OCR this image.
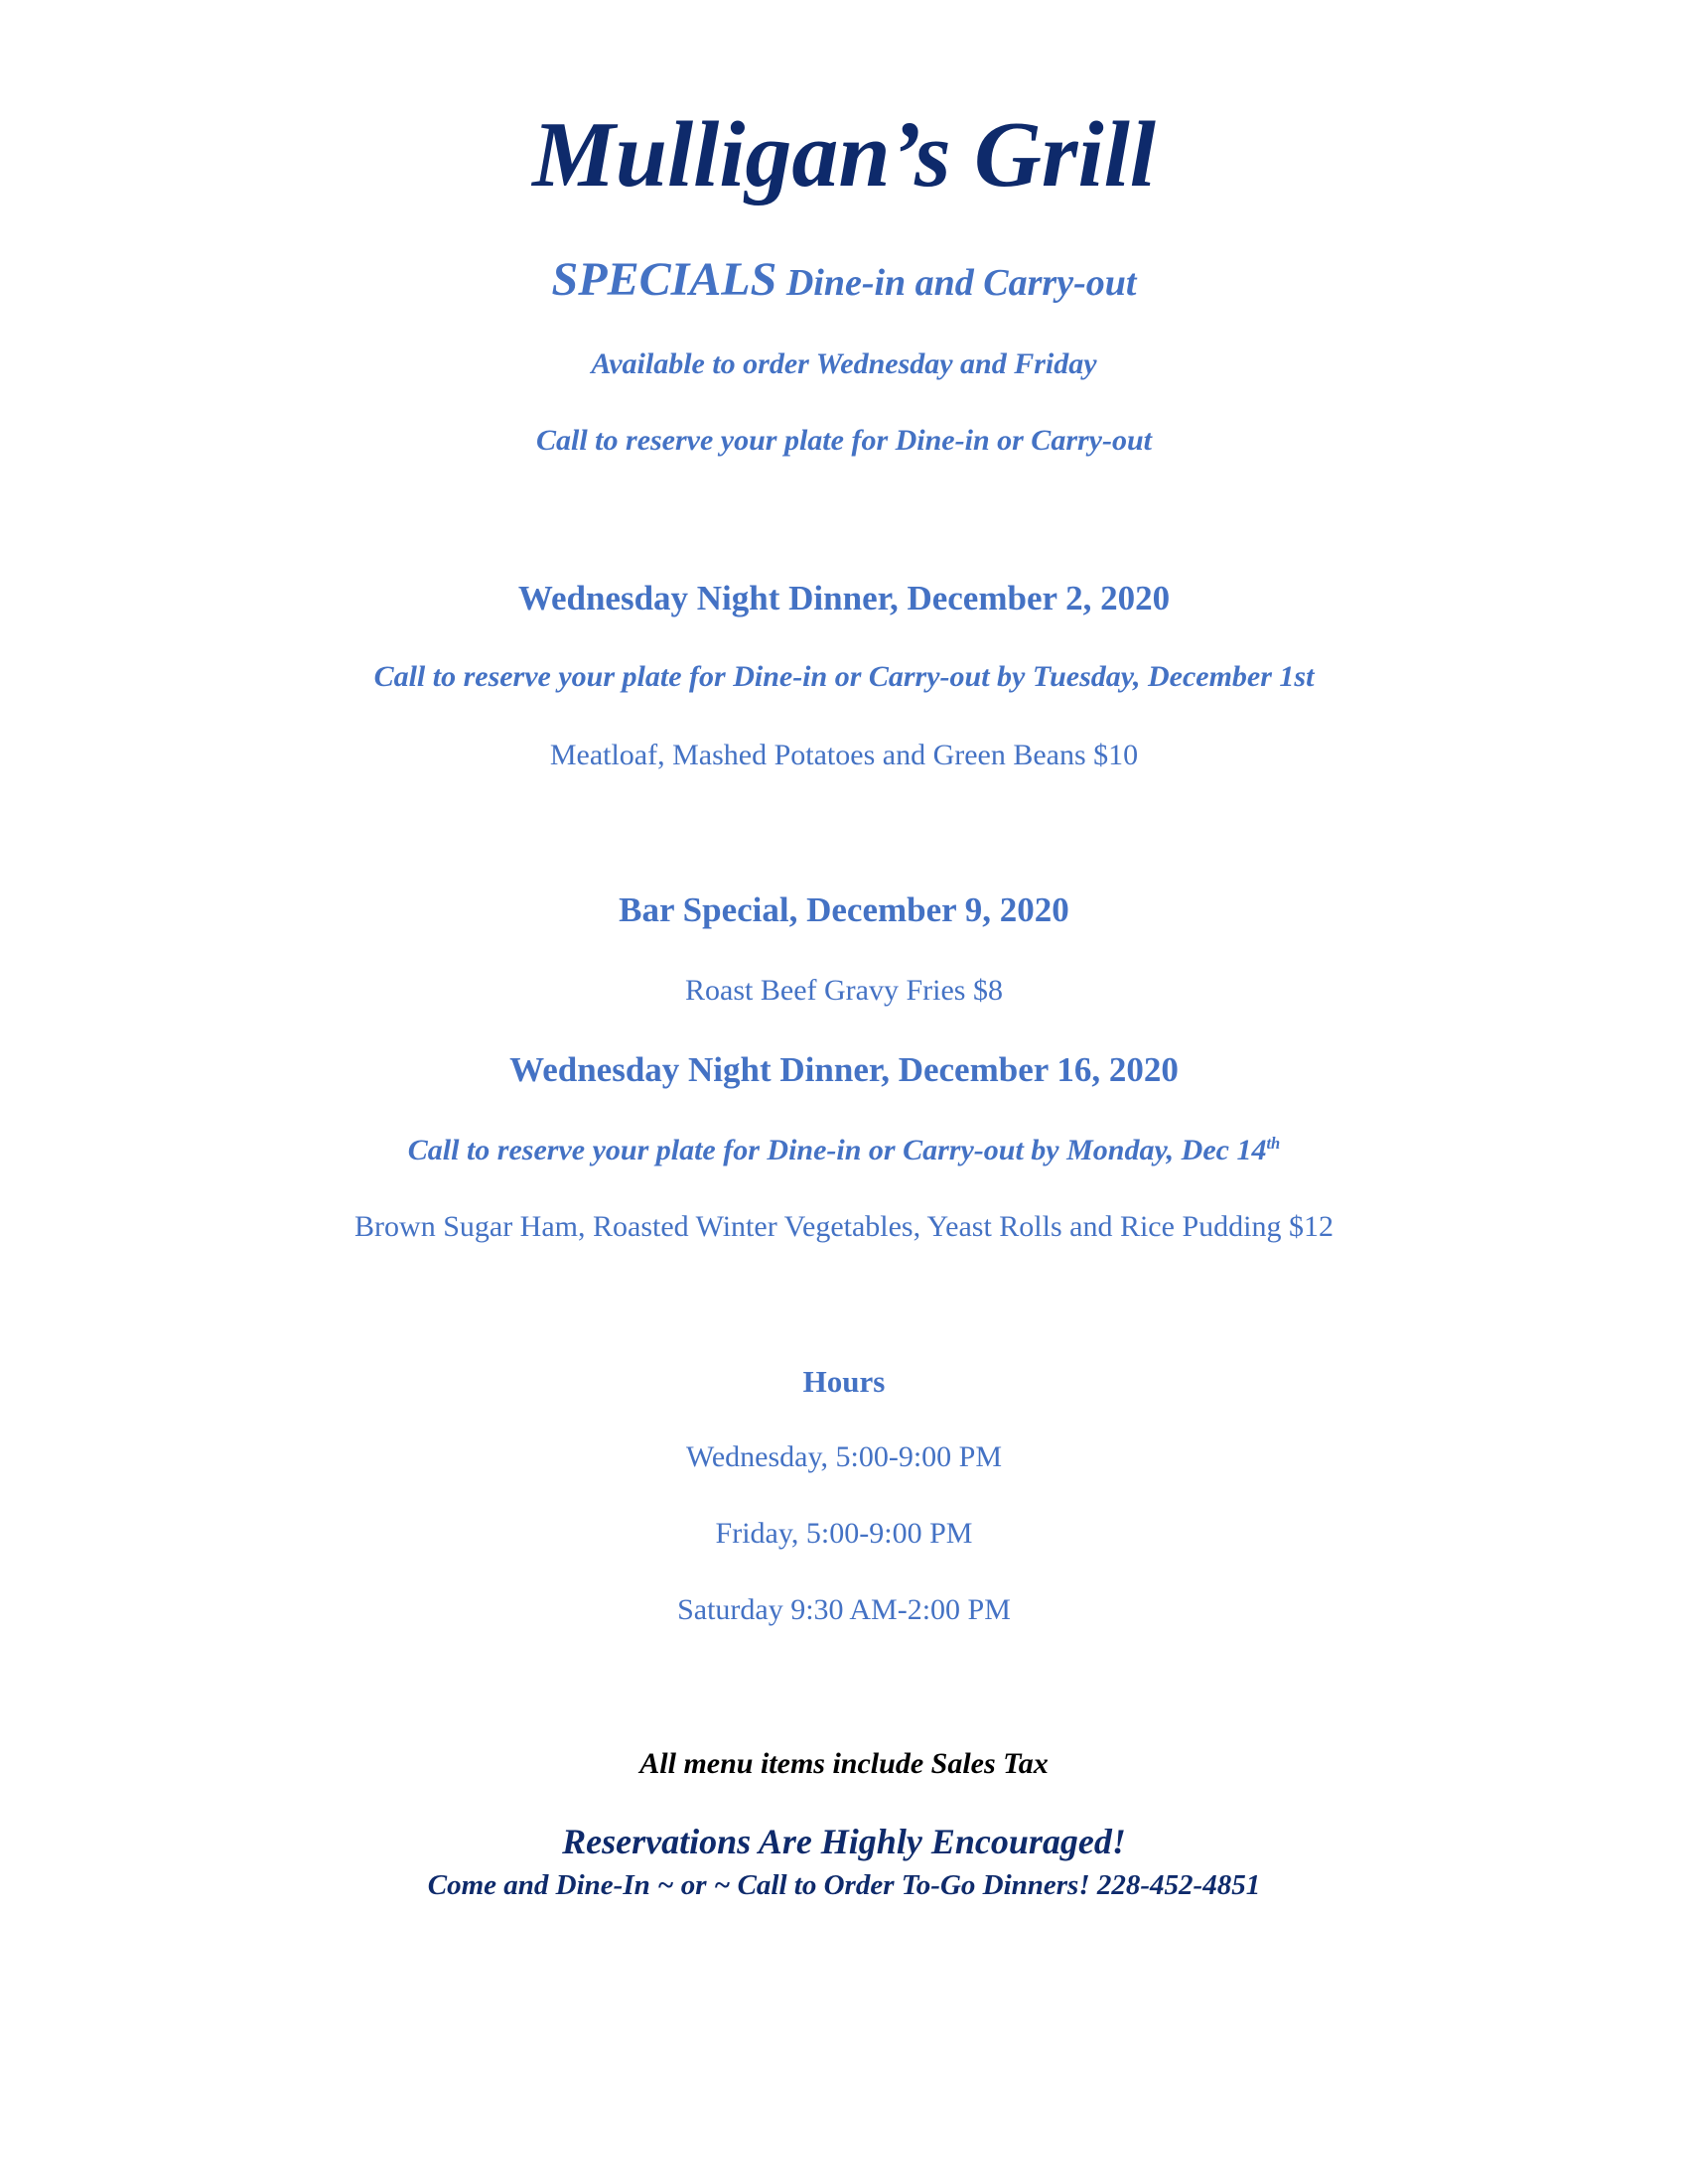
Mulligan’s Grill
SPECIALS Dine-in and Carry-out

Available to order Wednesday and Friday

Call to reserve your plate for Dine-in or Carry-out

Wednesday Night Dinner, December 2, 2020

Call to reserve your plate for Dine-in or Carry-out by Tuesday, December 1st

Meatloaf, Mashed Potatoes and Green Beans $10

Bar Special, December 9, 2020

Roast Beef Gravy Fries $8

Wednesday Night Dinner, December 16, 2020

Call to reserve your plate for Dine-in or Carry-out by Monday, Dec 14th

Brown Sugar Ham, Roasted Winter Vegetables, Yeast Rolls and Rice Pudding $12

Hours

Wednesday, 5:00-9:00 PM

Friday, 5:00-9:00 PM

Saturday 9:30 AM-2:00 PM

All menu items include Sales Tax

Reservations Are Highly Encouraged!

Come and Dine-In ~ or ~ Call to Order To-Go Dinners! 228-452-4851
